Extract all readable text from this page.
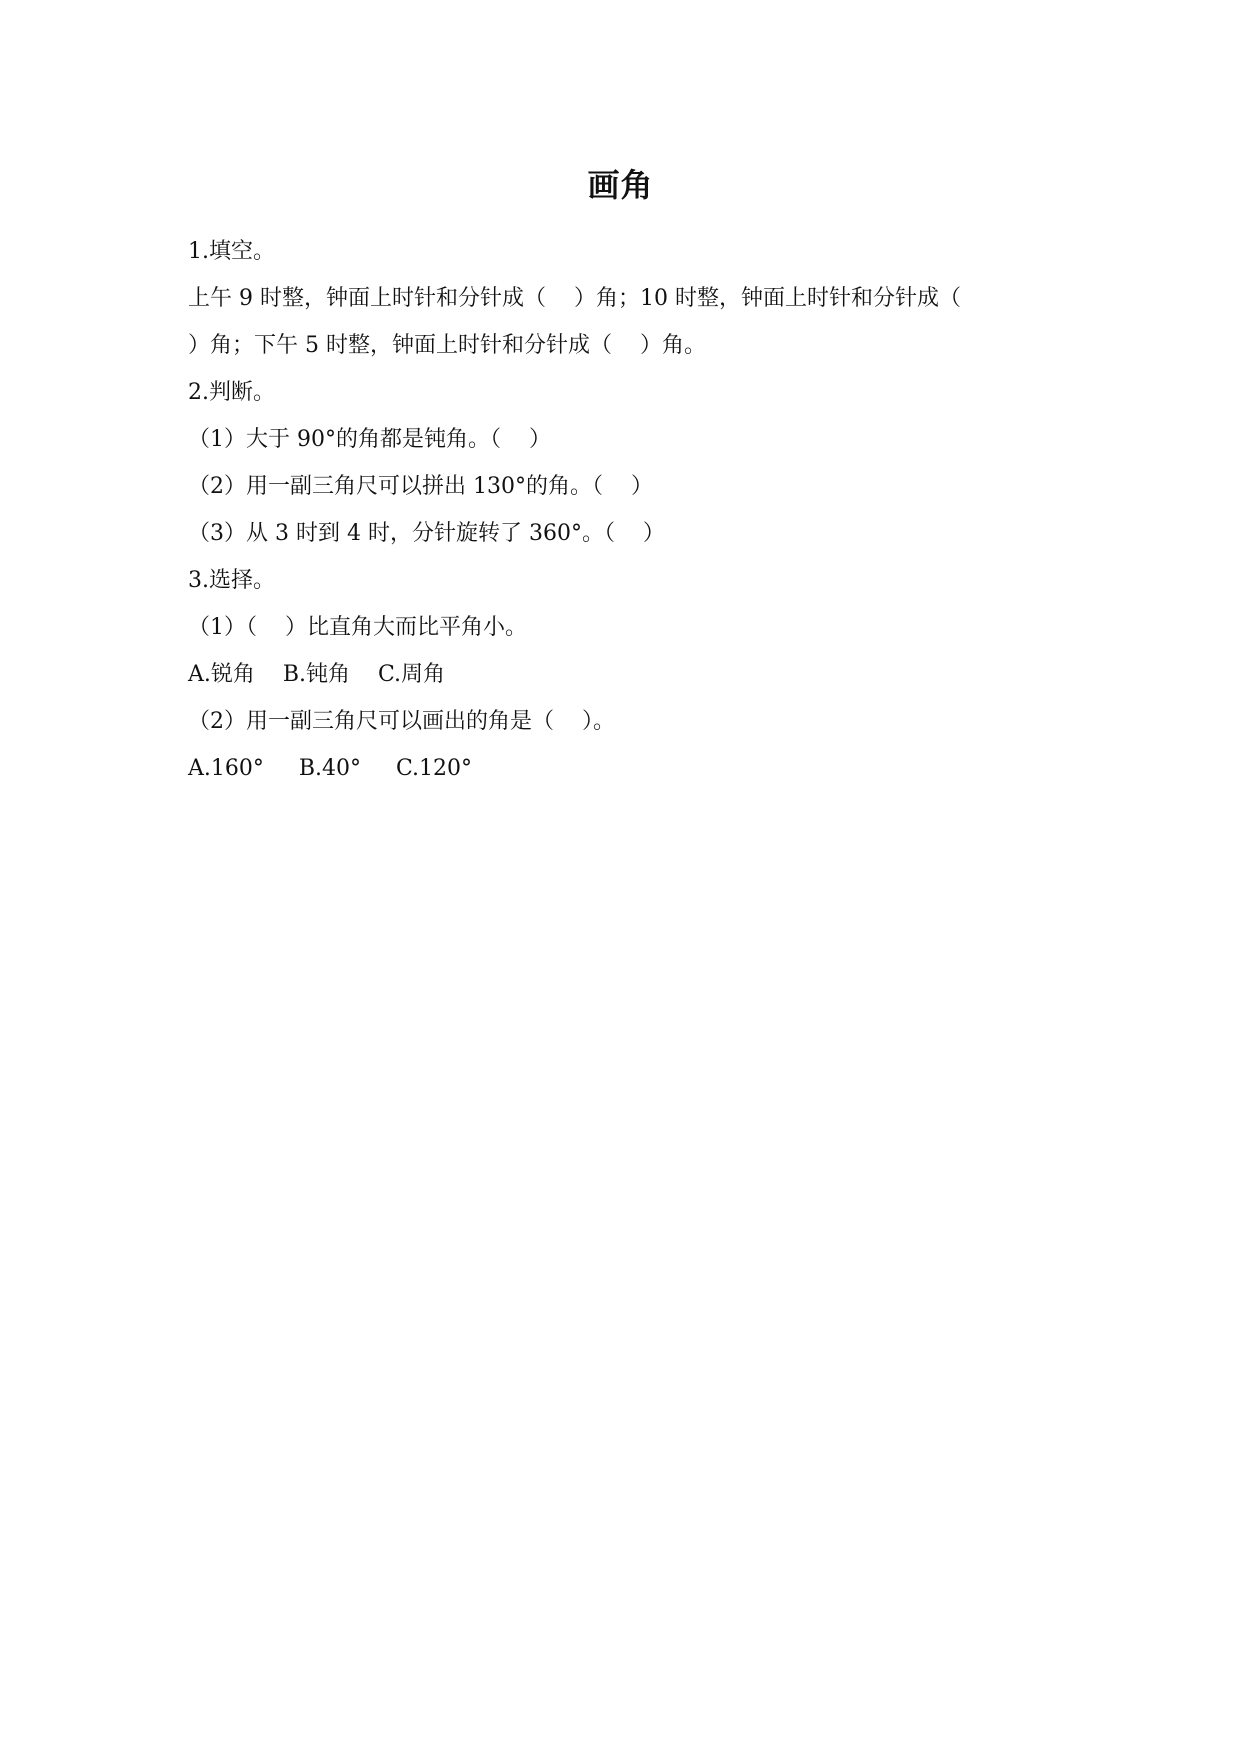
画角
1.填空。
上午 9 时整，钟面上时针和分针成（    ）角；10 时整，钟面上时针和分针成（
）角；下午 5 时整，钟面上时针和分针成（    ）角。
2.判断。
（1）大于 90°的角都是钝角。（    ）
（2）用一副三角尺可以拼出 130°的角。（    ）
（3）从 3 时到 4 时，分针旋转了 360°。（    ）
3.选择。
（1）（    ）比直角大而比平角小。
A.锐角    B.钝角    C.周角
（2）用一副三角尺可以画出的角是（    ）。
A.160°     B.40°     C.120°
